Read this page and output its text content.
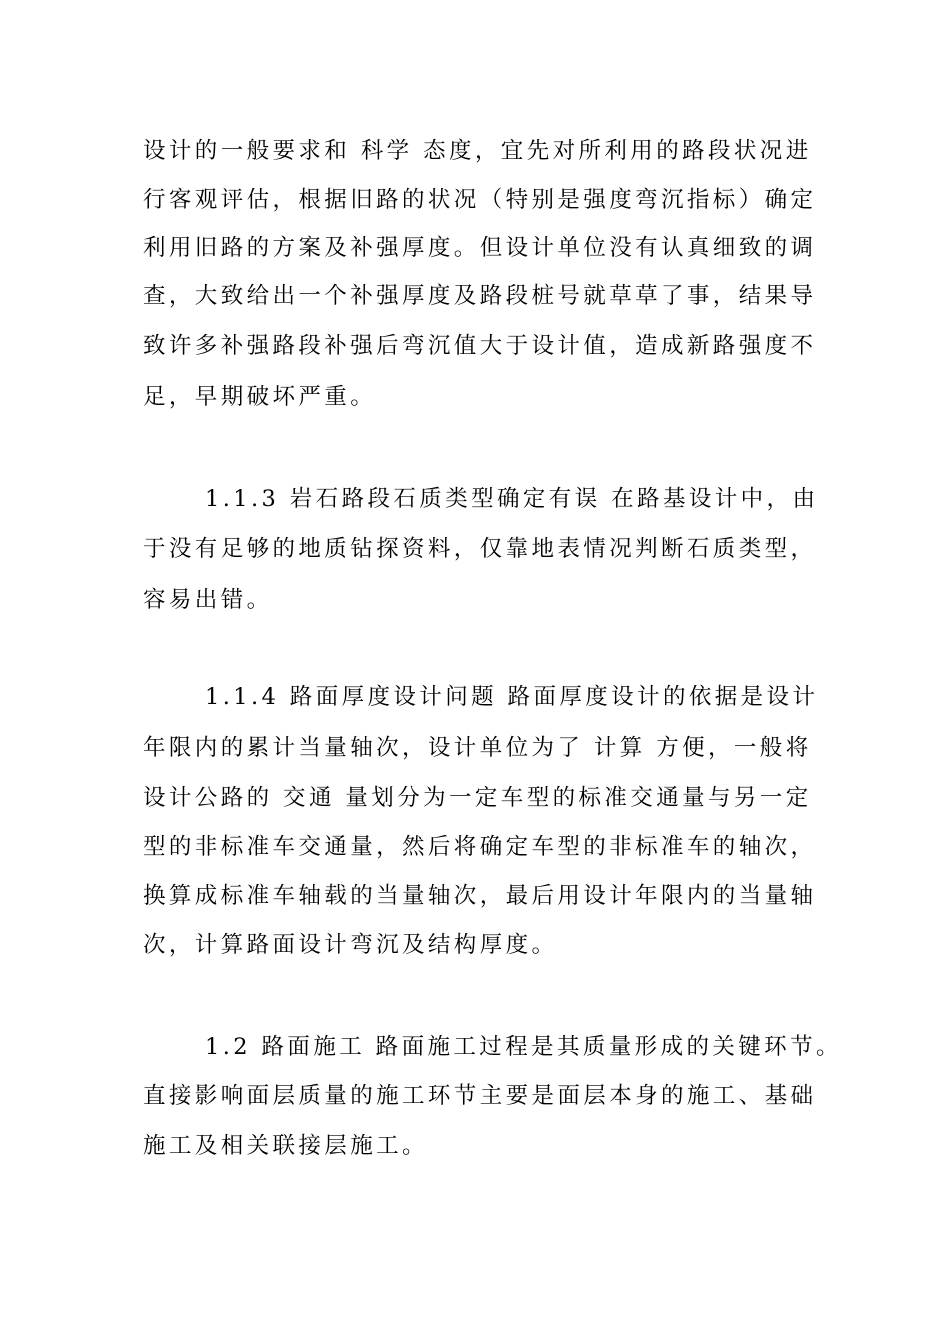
设计的一般要求和 科学 态度，宜先对所利用的路段状况进
行客观评估，根据旧路的状况（特别是强度弯沉指标）确定
利用旧路的方案及补强厚度。但设计单位没有认真细致的调
查，大致给出一个补强厚度及路段桩号就草草了事，结果导
致许多补强路段补强后弯沉值大于设计值，造成新路强度不
足，早期破坏严重。
1.1.3 岩石路段石质类型确定有误 在路基设计中，由
于没有足够的地质钻探资料，仅靠地表情况判断石质类型，
容易出错。
1.1.4 路面厚度设计问题 路面厚度设计的依据是设计
年限内的累计当量轴次，设计单位为了 计算 方便，一般将
设计公路的 交通 量划分为一定车型的标准交通量与另一定
型的非标准车交通量，然后将确定车型的非标准车的轴次，
换算成标准车轴载的当量轴次，最后用设计年限内的当量轴
次，计算路面设计弯沉及结构厚度。
1.2 路面施工 路面施工过程是其质量形成的关键环节。
直接影响面层质量的施工环节主要是面层本身的施工、基础
施工及相关联接层施工。
